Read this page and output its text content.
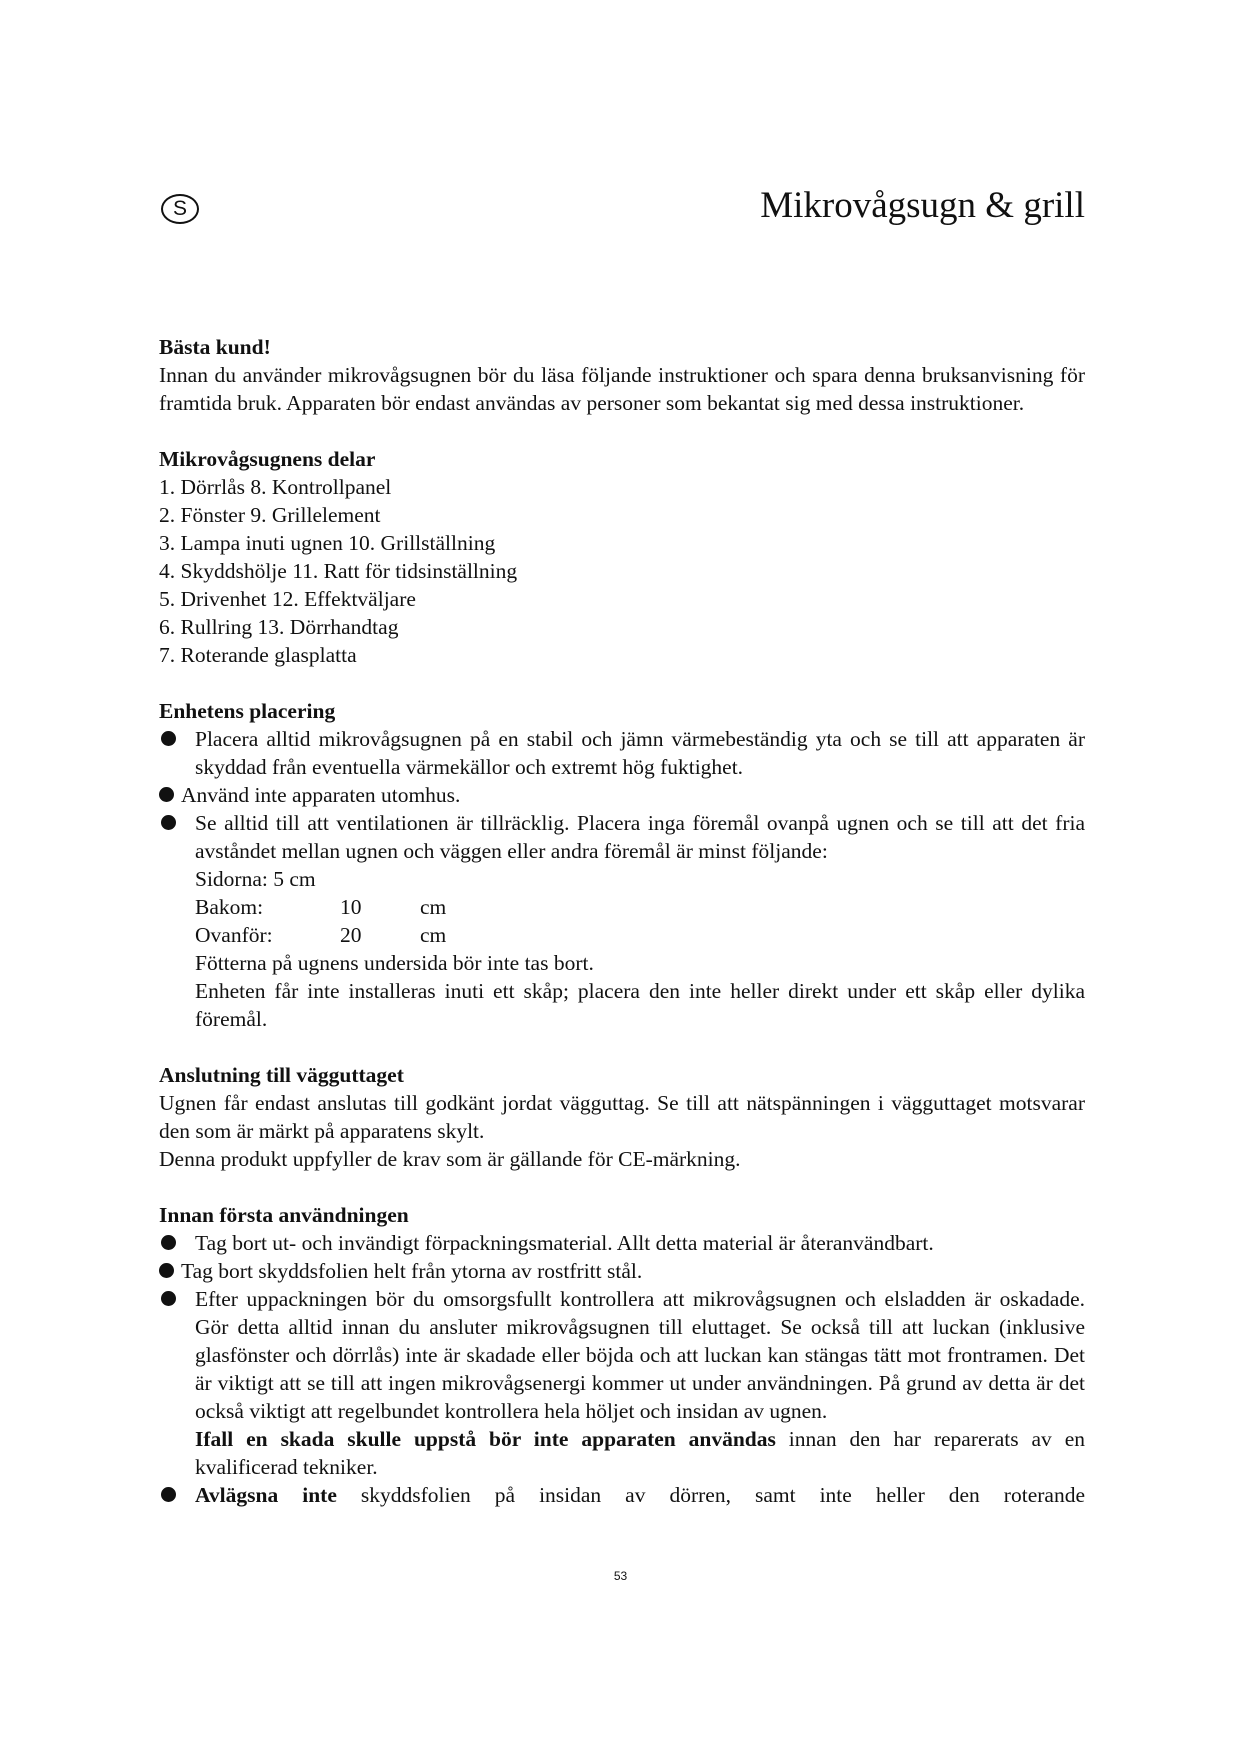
S	Mikrovågsugn & grill

Bästa kund!

Innan du använder mikrovågsugnen bör du läsa följande instruktioner och spara denna bruksanvisning för framtida bruk. Apparaten bör endast användas av personer som bekantat sig med dessa instruktioner.

Mikrovågsugnens delar

1. Dörrlås 8. Kontrollpanel
2. Fönster 9. Grillelement
3. Lampa inuti ugnen 10. Grillställning
4. Skyddshölje 11. Ratt för tidsinställning
5. Drivenhet 12. Effektväljare
6. Rullring 13. Dörrhandtag
7. Roterande glasplatta

Enhetens placering

Placera alltid mikrovågsugnen på en stabil och jämn värmebeständig yta och se till att apparaten är skyddad från eventuella värmekällor och extremt hög fuktighet.

Använd inte apparaten utomhus.

Se alltid till att ventilationen är tillräcklig. Placera inga föremål ovanpå ugnen och se till att det fria avståndet mellan ugnen och väggen eller andra föremål är minst följande:

Sidorna: 5 cm

Bakom:	10	cm
Ovanför:	20	cm

Fötterna på ugnens undersida bör inte tas bort.

Enheten får inte installeras inuti ett skåp; placera den inte heller direkt under ett skåp eller dylika föremål.

Anslutning till vägguttaget

Ugnen får endast anslutas till godkänt jordat vägguttag. Se till att nätspänningen i vägguttaget motsvarar den som är märkt på apparatens skylt.

Denna produkt uppfyller de krav som är gällande för CE-märkning.

Innan första användningen

Tag bort ut- och invändigt förpackningsmaterial. Allt detta material är återanvändbart.

Tag bort skyddsfolien helt från ytorna av rostfritt stål.

Efter uppackningen bör du omsorgsfullt kontrollera att mikrovågsugnen och elsladden är oskadade. Gör detta alltid innan du ansluter mikrovågsugnen till eluttaget. Se också till att luckan (inklusive glasfönster och dörrlås) inte är skadade eller böjda och att luckan kan stängas tätt mot frontramen. Det är viktigt att se till att ingen mikrovågsenergi kommer ut under användningen. På grund av detta är det också viktigt att regelbundet kontrollera hela höljet och insidan av ugnen.

Ifall en skada skulle uppstå bör inte apparaten användas innan den har reparerats av en kvalificerad tekniker.

Avlägsna inte skyddsfolien på insidan av dörren, samt inte heller den roterande

53
